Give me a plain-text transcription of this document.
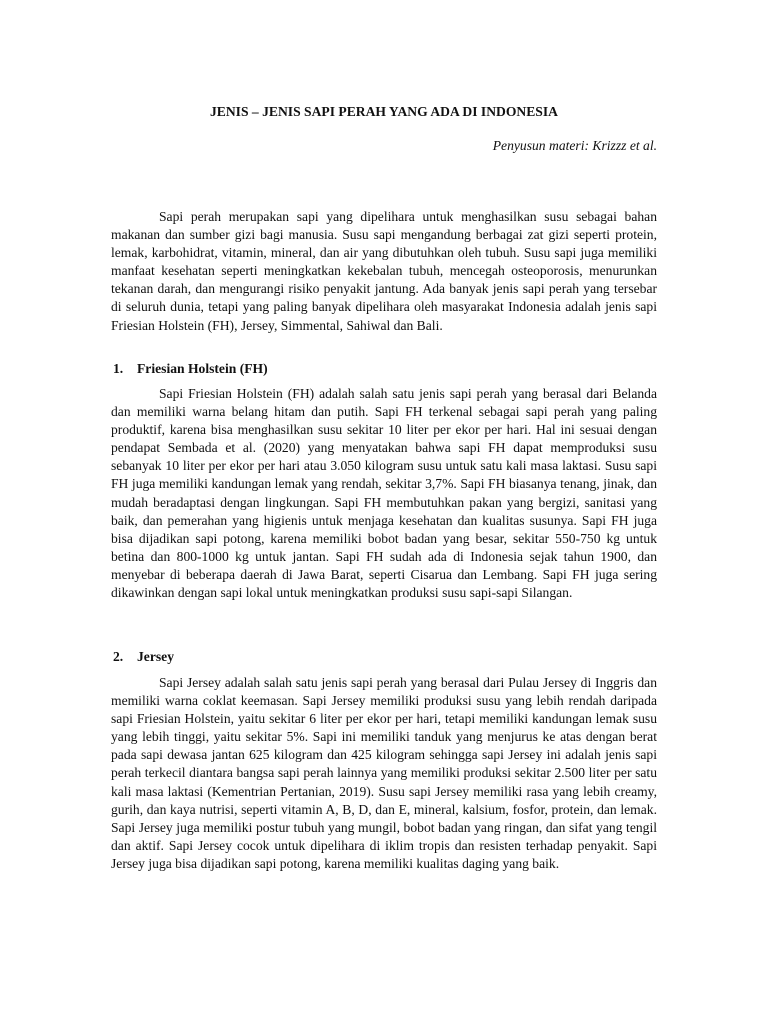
JENIS – JENIS SAPI PERAH YANG ADA DI INDONESIA
Penyusun materi: Krizzz et al.

Sapi perah merupakan sapi yang dipelihara untuk menghasilkan susu sebagai bahan makanan dan sumber gizi bagi manusia. Susu sapi mengandung berbagai zat gizi seperti protein, lemak, karbohidrat, vitamin, mineral, dan air yang dibutuhkan oleh tubuh. Susu sapi juga memiliki manfaat kesehatan seperti meningkatkan kekebalan tubuh, mencegah osteoporosis, menurunkan tekanan darah, dan mengurangi risiko penyakit jantung. Ada banyak jenis sapi perah yang tersebar di seluruh dunia, tetapi yang paling banyak dipelihara oleh masyarakat Indonesia adalah jenis sapi Friesian Holstein (FH), Jersey, Simmental, Sahiwal dan Bali.

1. Friesian Holstein (FH)

Sapi Friesian Holstein (FH) adalah salah satu jenis sapi perah yang berasal dari Belanda dan memiliki warna belang hitam dan putih. Sapi FH terkenal sebagai sapi perah yang paling produktif, karena bisa menghasilkan susu sekitar 10 liter per ekor per hari. Hal ini sesuai dengan pendapat Sembada et al. (2020) yang menyatakan bahwa sapi FH dapat memproduksi susu sebanyak 10 liter per ekor per hari atau 3.050 kilogram susu untuk satu kali masa laktasi. Susu sapi FH juga memiliki kandungan lemak yang rendah, sekitar 3,7%. Sapi FH biasanya tenang, jinak, dan mudah beradaptasi dengan lingkungan. Sapi FH membutuhkan pakan yang bergizi, sanitasi yang baik, dan pemerahan yang higienis untuk menjaga kesehatan dan kualitas susunya. Sapi FH juga bisa dijadikan sapi potong, karena memiliki bobot badan yang besar, sekitar 550-750 kg untuk betina dan 800-1000 kg untuk jantan. Sapi FH sudah ada di Indonesia sejak tahun 1900, dan menyebar di beberapa daerah di Jawa Barat, seperti Cisarua dan Lembang. Sapi FH juga sering dikawinkan dengan sapi lokal untuk meningkatkan produksi susu sapi-sapi Silangan.

2. Jersey

Sapi Jersey adalah salah satu jenis sapi perah yang berasal dari Pulau Jersey di Inggris dan memiliki warna coklat keemasan. Sapi Jersey memiliki produksi susu yang lebih rendah daripada sapi Friesian Holstein, yaitu sekitar 6 liter per ekor per hari, tetapi memiliki kandungan lemak susu yang lebih tinggi, yaitu sekitar 5%. Sapi ini memiliki tanduk yang menjurus ke atas dengan berat pada sapi dewasa jantan 625 kilogram dan 425 kilogram sehingga sapi Jersey ini adalah jenis sapi perah terkecil diantara bangsa sapi perah lainnya yang memiliki produksi sekitar 2.500 liter per satu kali masa laktasi (Kementrian Pertanian, 2019). Susu sapi Jersey memiliki rasa yang lebih creamy, gurih, dan kaya nutrisi, seperti vitamin A, B, D, dan E, mineral, kalsium, fosfor, protein, dan lemak. Sapi Jersey juga memiliki postur tubuh yang mungil, bobot badan yang ringan, dan sifat yang tengil dan aktif. Sapi Jersey cocok untuk dipelihara di iklim tropis dan resisten terhadap penyakit. Sapi Jersey juga bisa dijadikan sapi potong, karena memiliki kualitas daging yang baik.
